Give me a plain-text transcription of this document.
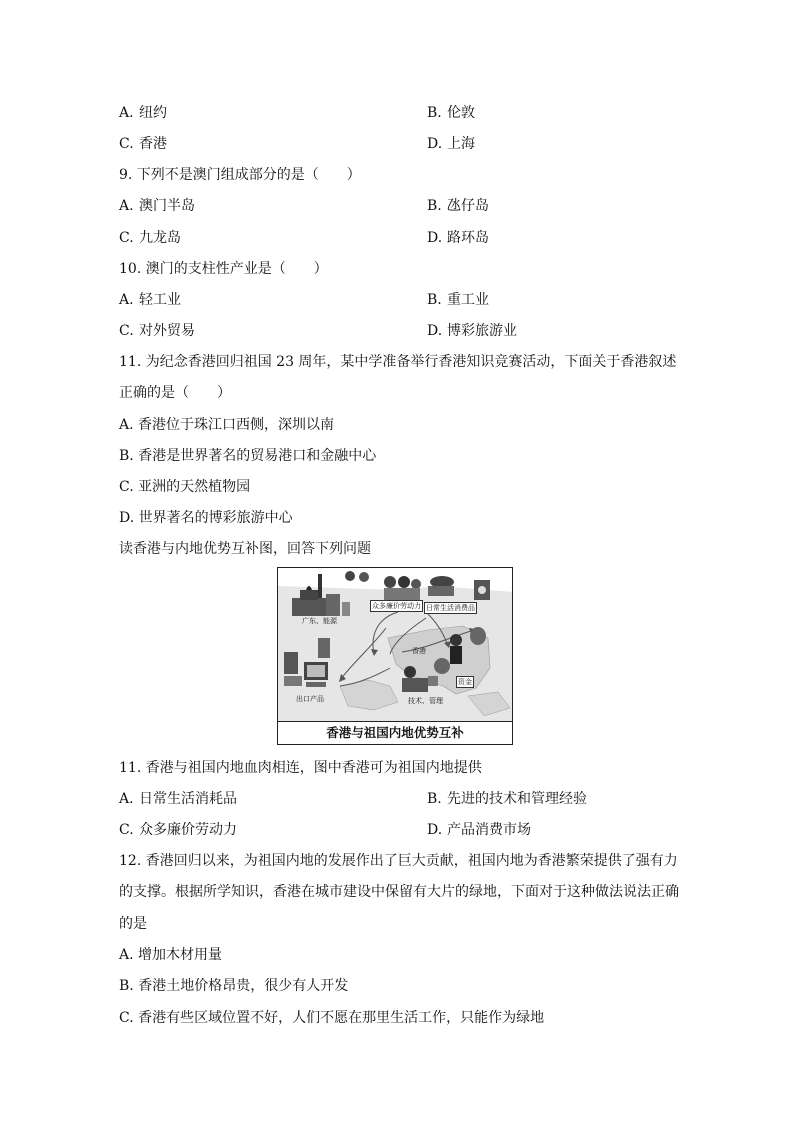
A. 纽约	B. 伦敦
C. 香港	D. 上海
9. 下列不是澳门组成部分的是（　　）
A. 澳门半岛	B. 氹仔岛
C. 九龙岛	D. 路环岛
10. 澳门的支柱性产业是（　　）
A. 轻工业	B. 重工业
C. 对外贸易	D. 博彩旅游业
11. 为纪念香港回归祖国 23 周年，某中学准备举行香港知识竞赛活动，下面关于香港叙述
正确的是（　　）
A. 香港位于珠江口西侧，深圳以南
B. 香港是世界著名的贸易港口和金融中心
C. 亚洲的天然植物园
D. 世界著名的博彩旅游中心
读香港与内地优势互补图，回答下列问题
广东、能源
众多廉价劳动力 日常生活消费品
香港
资金
出口产品	技术、管理
香港与祖国内地优势互补
11. 香港与祖国内地血肉相连，图中香港可为祖国内地提供
A. 日常生活消耗品	B. 先进的技术和管理经验
C. 众多廉价劳动力	D. 产品消费市场
12. 香港回归以来，为祖国内地的发展作出了巨大贡献，祖国内地为香港繁荣提供了强有力
的支撑。根据所学知识，香港在城市建设中保留有大片的绿地，下面对于这种做法说法正确
的是
A. 增加木材用量
B. 香港土地价格昂贵，很少有人开发
C. 香港有些区域位置不好，人们不愿在那里生活工作，只能作为绿地
